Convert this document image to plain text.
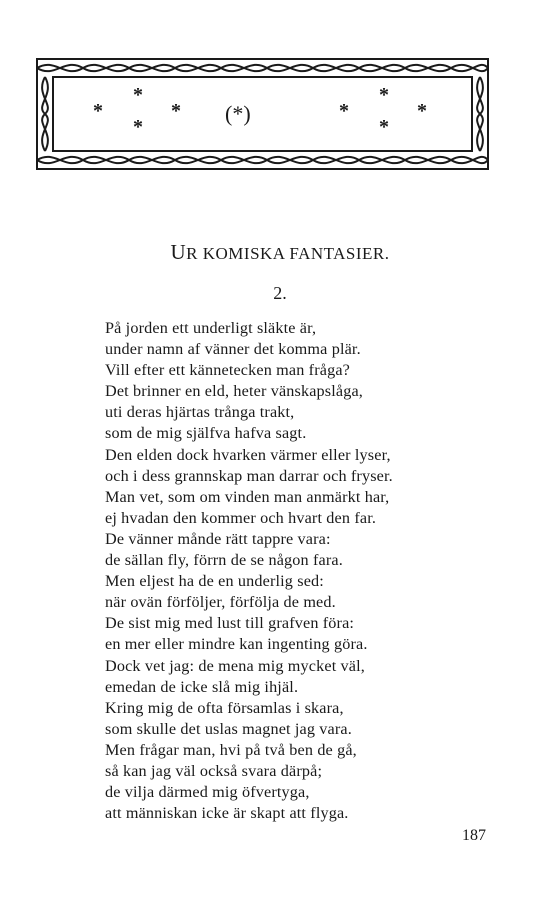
*
*
*
* (*)	*
*
*
*
UR KOMISKA FANTASIER.
2.
På jorden ett underligt släkte är,
under namn af vänner det komma plär.
Vill efter ett kännetecken man fråga?
Det brinner en eld, heter vänskapslåga,
uti deras hjärtas trånga trakt,
som de mig själfva hafva sagt.
Den elden dock hvarken värmer eller lyser,
och i dess grannskap man darrar och fryser.
Man vet, som om vinden man anmärkt har,
ej hvadan den kommer och hvart den far.
De vänner månde rätt tappre vara:
de sällan fly, förrn de se någon fara.
Men eljest ha de en underlig sed:
när ovän förföljer, förfölja de med.
De sist mig med lust till grafven föra:
en mer eller mindre kan ingenting göra.
Dock vet jag: de mena mig mycket väl,
emedan de icke slå mig ihjäl.
Kring mig de ofta församlas i skara,
som skulle det uslas magnet jag vara.
Men frågar man, hvi på två ben de gå,
så kan jag väl också svara därpå;
de vilja därmed mig öfvertyga,
att människan icke är skapt att flyga.
187
